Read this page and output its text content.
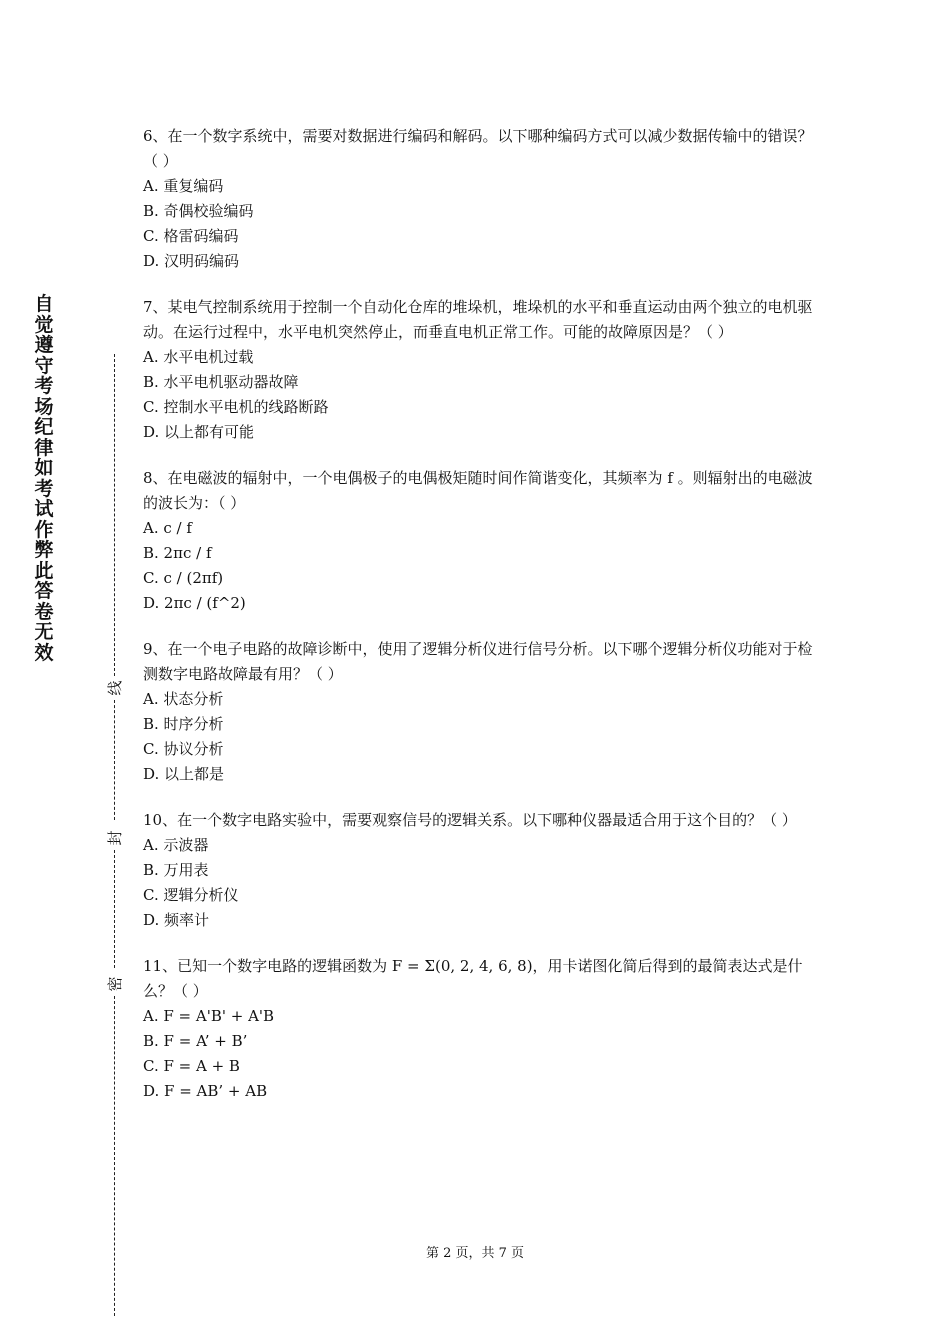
自觉遵守考场纪律如考试作弊此答卷无效
线
封
密
6、在一个数字系统中，需要对数据进行编码和解码。以下哪种编码方式可以减少数据传输中的错误？（ ）
A. 重复编码
B. 奇偶校验编码
C. 格雷码编码
D. 汉明码编码
7、某电气控制系统用于控制一个自动化仓库的堆垛机，堆垛机的水平和垂直运动由两个独立的电机驱动。在运行过程中，水平电机突然停止，而垂直电机正常工作。可能的故障原因是？（ ）
A. 水平电机过载
B. 水平电机驱动器故障
C. 控制水平电机的线路断路
D. 以上都有可能
8、在电磁波的辐射中，一个电偶极子的电偶极矩随时间作简谐变化，其频率为 f 。则辐射出的电磁波的波长为：（ ）
A. c / f
B. 2πc / f
C. c / (2πf)
D. 2πc / (f^2)
9、在一个电子电路的故障诊断中，使用了逻辑分析仪进行信号分析。以下哪个逻辑分析仪功能对于检测数字电路故障最有用？（ ）
A. 状态分析
B. 时序分析
C. 协议分析
D. 以上都是
10、在一个数字电路实验中，需要观察信号的逻辑关系。以下哪种仪器最适合用于这个目的？（ ）
A. 示波器
B. 万用表
C. 逻辑分析仪
D. 频率计
11、已知一个数字电路的逻辑函数为 F = Σ(0, 2, 4, 6, 8)，用卡诺图化简后得到的最简表达式是什么？（ ）
A. F = A'B' + A'B
B. F = A’ + B’
C. F = A + B
D. F = AB’ + AB
第 2 页，共 7 页
